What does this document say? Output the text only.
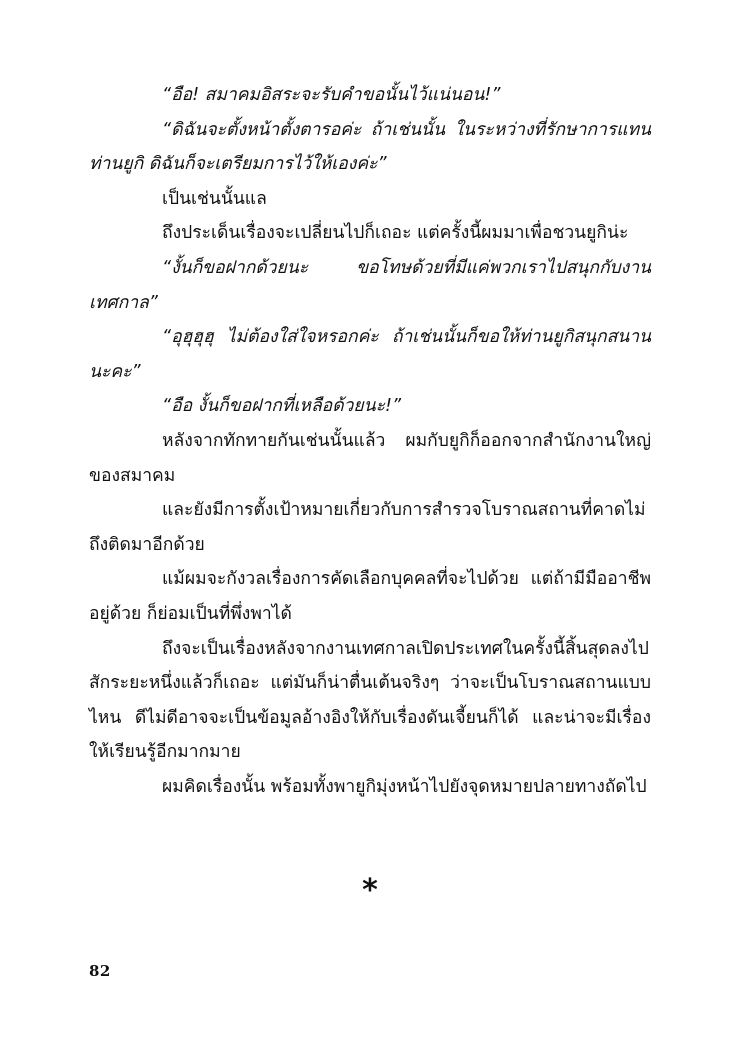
“อือ! สมาคมอิสระจะรับคำขอนั้นไว้แน่นอน!”

“ดิฉันจะตั้งหน้าตั้งตารอค่ะ ถ้าเช่นนั้น ในระหว่างที่รักษาการแทนท่านยูกิ ดิฉันก็จะเตรียมการไว้ให้เองค่ะ”

เป็นเช่นนั้นแล

ถึงประเด็นเรื่องจะเปลี่ยนไปก็เถอะ แต่ครั้งนี้ผมมาเพื่อชวนยูกิน่ะ

“งั้นก็ขอฝากด้วยนะ ขอโทษด้วยที่มีแค่พวกเราไปสนุกกับงานเทศกาล”

“อุฮุฮุฮุ ไม่ต้องใส่ใจหรอกค่ะ ถ้าเช่นนั้นก็ขอให้ท่านยูกิสนุกสนานนะคะ”

“อือ งั้นก็ขอฝากที่เหลือด้วยนะ!”

หลังจากทักทายกันเช่นนั้นแล้ว ผมกับยูกิก็ออกจากสำนักงานใหญ่ของสมาคม

และยังมีการตั้งเป้าหมายเกี่ยวกับการสำรวจโบราณสถานที่คาดไม่ถึงติดมาอีกด้วย

แม้ผมจะกังวลเรื่องการคัดเลือกบุคคลที่จะไปด้วย แต่ถ้ามีมืออาชีพอยู่ด้วย ก็ย่อมเป็นที่พึ่งพาได้

ถึงจะเป็นเรื่องหลังจากงานเทศกาลเปิดประเทศในครั้งนี้สิ้นสุดลงไปสักระยะหนึ่งแล้วก็เถอะ แต่มันก็น่าตื่นเต้นจริงๆ ว่าจะเป็นโบราณสถานแบบไหน ดีไม่ดีอาจจะเป็นข้อมูลอ้างอิงให้กับเรื่องดันเจี้ยนก็ได้ และน่าจะมีเรื่องให้เรียนรู้อีกมากมาย

ผมคิดเรื่องนั้น พร้อมทั้งพายูกิมุ่งหน้าไปยังจุดหมายปลายทางถัดไป

*
82
